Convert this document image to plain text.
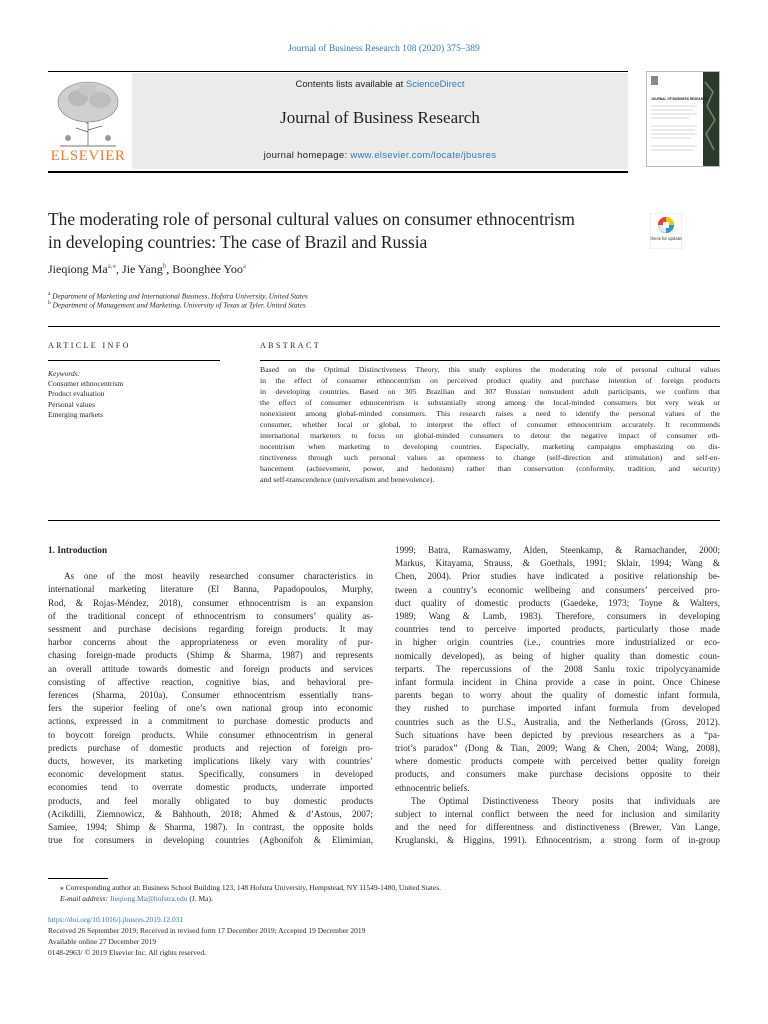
Journal of Business Research 108 (2020) 375–389
ELSEVIER
Contents lists available at ScienceDirect
Journal of Business Research
journal homepage: www.elsevier.com/locate/jbusres
JOURNAL OF BUSINESS RESEARCH
The moderating role of personal cultural values on consumer ethnocentrism
in developing countries: The case of Brazil and Russia	Check for updates
Jieqiong $Ma^{a,⁎}$, Jie Yang$^b$, Boonghee Yoo$^a$
$^a$ Department of Marketing and International Business, Hofstra University, United States
$^b$ Department of Management and Marketing, University of Texas at Tyler, United States
ARTICLE INFO	ABSTRACT
Keywords:
Consumer ethnocentrism
Product evaluation
Personal values
Emerging markets
Based on the Optimal Distinctiveness Theory, this study explores the moderating role of personal cultural values
in the effect of consumer ethnocentrism on perceived product quality and purchase intention of foreign products
in developing countries. Based on 305 Brazilian and 307 Russian nonstudent adult participants, we confirm that
the effect of consumer ethnocentrism is substantially strong among the local-minded consumers but very weak or
nonexistent among global-minded consumers. This research raises a need to identify the personal values of the
consumer, whether local or global, to interpret the effect of consumer ethnocentrism accurately. It recommends
international marketers to focus on global-minded consumers to detour the negative impact of consumer eth-
nocentrism when marketing to developing countries. Especially, marketing campaigns emphasizing on dis-
tinctiveness through such personal values as openness to change (self-direction and stimulation) and self-en-
hancement (achievement, power, and hedonism) rather than conservation (conformity, tradition, and security)
and self-transcendence (universalism and benevolence).
1. Introduction
As one of the most heavily researched consumer characteristics in
international marketing literature (El Banna, Papadopoulos, Murphy,
Rod, & Rojas-Méndez, 2018), consumer ethnocentrism is an expansion
of the traditional concept of ethnocentrism to consumers’ quality as-
sessment and purchase decisions regarding foreign products. It may
harbor concerns about the appropriateness or even morality of pur-
chasing foreign-made products (Shimp & Sharma, 1987) and represents
an overall attitude towards domestic and foreign products and services
consisting of affective reaction, cognitive bias, and behavioral pre-
ferences (Sharma, 2010a). Consumer ethnocentrism essentially trans-
fers the superior feeling of one’s own national group into economic
actions, expressed in a commitment to purchase domestic products and
to boycott foreign products. While consumer ethnocentrism in general
predicts purchase of domestic products and rejection of foreign pro-
ducts, however, its marketing implications likely vary with countries’
economic development status. Specifically, consumers in developed
economies tend to overrate domestic products, underrate imported
products, and feel morally obligated to buy domestic products
(Acikdilli, Ziemnowicz, & Bahhouth, 2018; Ahmed & d’Astous, 2007;
Samiee, 1994; Shimp & Sharma, 1987). In contrast, the opposite holds
true for consumers in developing countries (Agbonifoh & Elimimian,
1999; Batra, Ramaswamy, Alden, Steenkamp, & Ramachander, 2000;
Markus, Kitayama, Strauss, & Goethals, 1991; Sklair, 1994; Wang &
Chen, 2004). Prior studies have indicated a positive relationship be-
tween a country’s economic wellbeing and consumers’ perceived pro-
duct quality of domestic products (Gaedeke, 1973; Toyne & Walters,
1989; Wang & Lamb, 1983). Therefore, consumers in developing
countries tend to perceive imported products, particularly those made
in higher origin countries (i.e., countries more industrialized or eco-
nomically developed), as being of higher quality than domestic coun-
terparts. The repercussions of the 2008 Sanlu toxic tripolycyanamide
infant formula incident in China provide a case in point. Once Chinese
parents began to worry about the quality of domestic infant formula,
they rushed to purchase imported infant formula from developed
countries such as the U.S., Australia, and the Netherlands (Gross, 2012).
Such situations have been depicted by previous researchers as a “pa-
triot’s paradox” (Dong & Tian, 2009; Wang & Chen, 2004; Wang, 2008),
where domestic products compete with perceived better quality foreign
products, and consumers make purchase decisions opposite to their
ethnocentric beliefs.
The Optimal Distinctiveness Theory posits that individuals are
subject to internal conflict between the need for inclusion and similarity
and the need for differentness and distinctiveness (Brewer, Van Lange,
Kruglanski, & Higgins, 1991). Ethnocentrism, a strong form of in-group
⁎ Corresponding author at: Business School Building 123, 148 Hofstra University, Hempstead, NY 11549-1480, United States.
E-mail address: Jieqiong.Ma@hofstra.edu (J. Ma).
https://doi.org/10.1016/j.jbusres.2019.12.031
Received 26 September 2019; Received in revised form 17 December 2019; Accepted 19 December 2019
Available online 27 December 2019
0148-2963/ © 2019 Elsevier Inc. All rights reserved.
